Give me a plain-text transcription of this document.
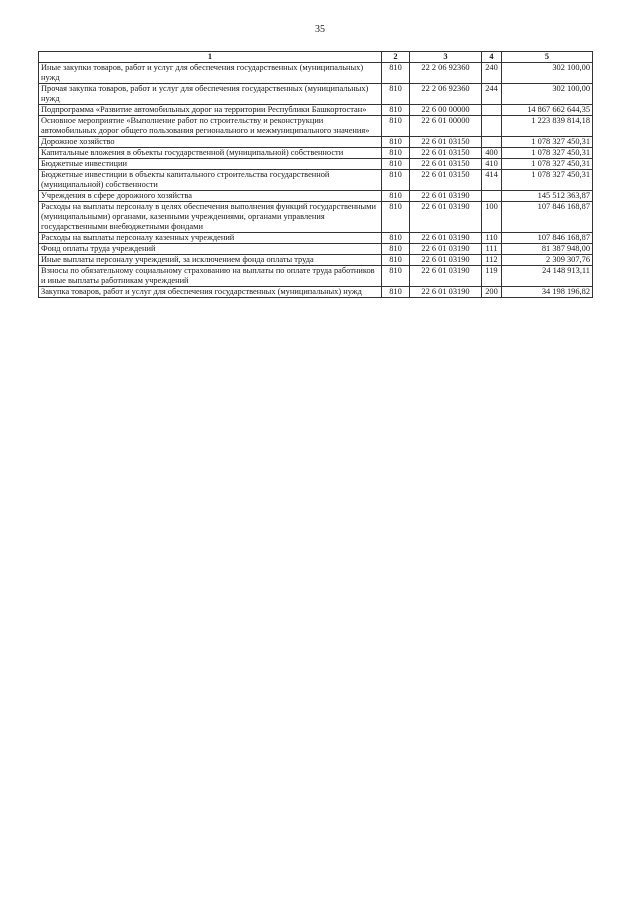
35
1	2	3	4	5
Иные закупки товаров, работ и услуг для обеспечения государственных (муниципальных) нужд	810	22 2 06 92360	240	302 100,00
Прочая закупка товаров, работ и услуг для обеспечения государственных (муниципальных) нужд	810	22 2 06 92360	244	302 100,00
Подпрограмма «Развитие автомобильных дорог на территории Республики Башкортостан»	810	22 6 00 00000		14 867 662 644,35
Основное мероприятие «Выполнение работ по строительству и реконструкции автомобильных дорог общего пользования регионального и межмуниципального значения»	810	22 6 01 00000		1 223 839 814,18
Дорожное хозяйство	810	22 6 01 03150		1 078 327 450,31
Капитальные вложения в объекты государственной (муниципальной) собственности	810	22 6 01 03150	400	1 078 327 450,31
Бюджетные инвестиции	810	22 6 01 03150	410	1 078 327 450,31
Бюджетные инвестиции в объекты капитального строительства государственной (муниципальной) собственности	810	22 6 01 03150	414	1 078 327 450,31
Учреждения в сфере дорожного хозяйства	810	22 6 01 03190		145 512 363,87
Расходы на выплаты персоналу в целях обеспечения выполнения функций государственными (муниципальными) органами, казенными учреждениями, органами управления государственными внебюджетными фондами	810	22 6 01 03190	100	107 846 168,87
Расходы на выплаты персоналу казенных учреждений	810	22 6 01 03190	110	107 846 168,87
Фонд оплаты труда учреждений	810	22 6 01 03190	111	81 387 948,00
Иные выплаты персоналу учреждений, за исключением фонда оплаты труда	810	22 6 01 03190	112	2 309 307,76
Взносы по обязательному социальному страхованию на выплаты по оплате труда работников и иные выплаты работникам учреждений	810	22 6 01 03190	119	24 148 913,11
Закупка товаров, работ и услуг для обеспечения государственных (муниципальных) нужд	810	22 6 01 03190	200	34 198 196,82
